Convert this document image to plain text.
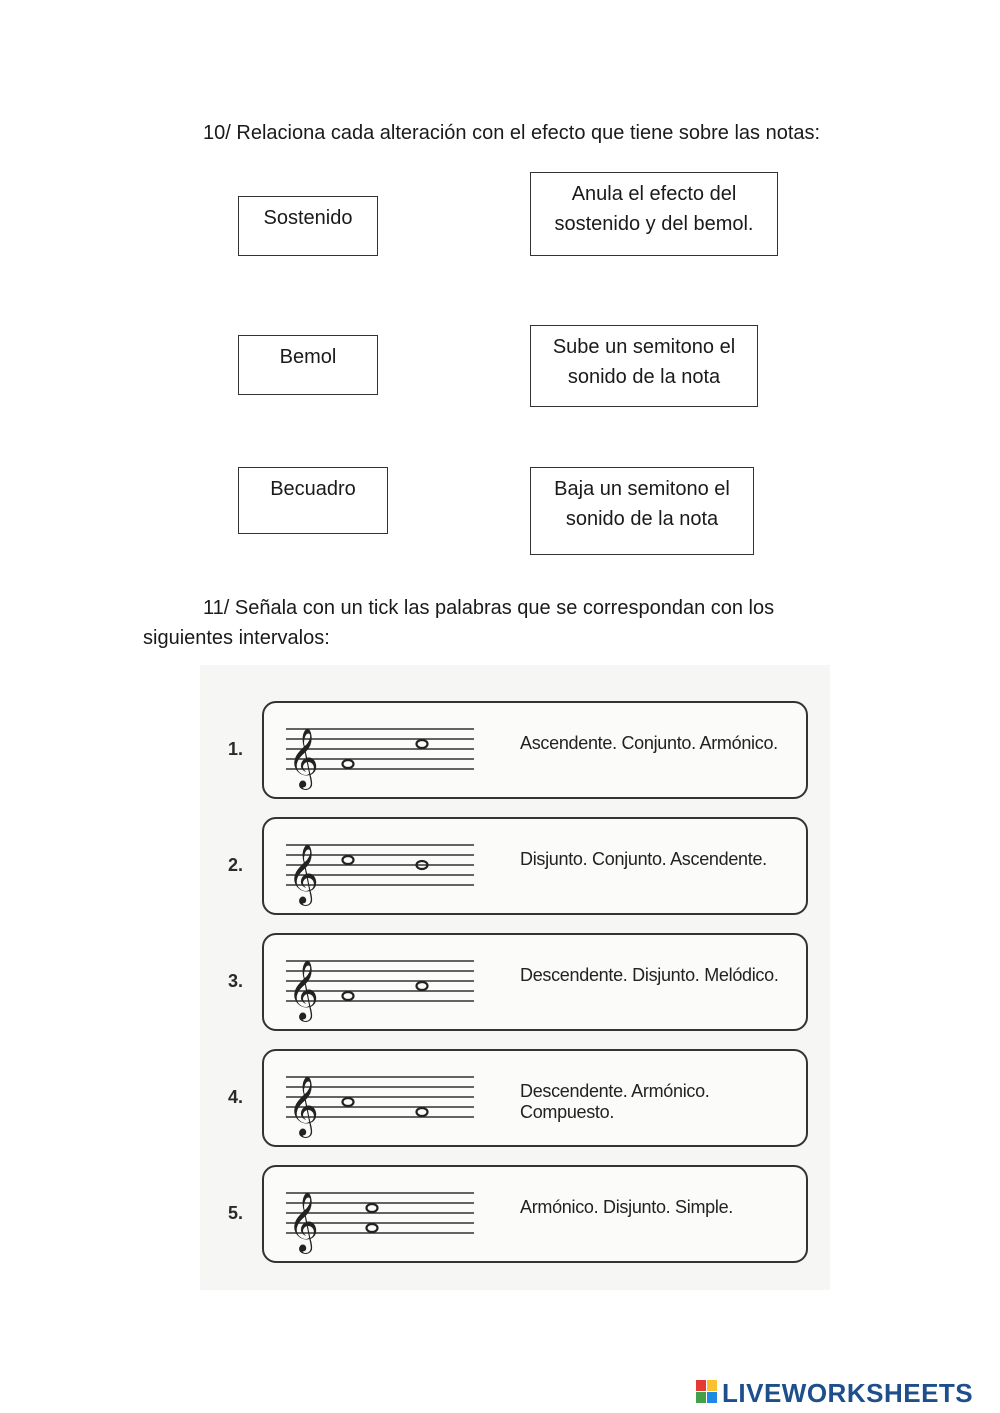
10/ Relaciona cada alteración con el efecto que tiene sobre las notas:
Sostenido
Bemol
Becuadro
Anula el efecto del sostenido y del bemol.
Sube un semitono el sonido de la nota
Baja un semitono el sonido de la nota
11/ Señala con un tick las palabras que se correspondan con los siguientes intervalos:
1. 𝄞	Ascendente. Conjunto. Armónico.
2. 𝄞	Disjunto. Conjunto. Ascendente.
3. 𝄞	Descendente. Disjunto. Melódico.
4. 𝄞	Descendente. Armónico. Compuesto.
5. 𝄞	Armónico. Disjunto. Simple.
LIVEWORKSHEETS
